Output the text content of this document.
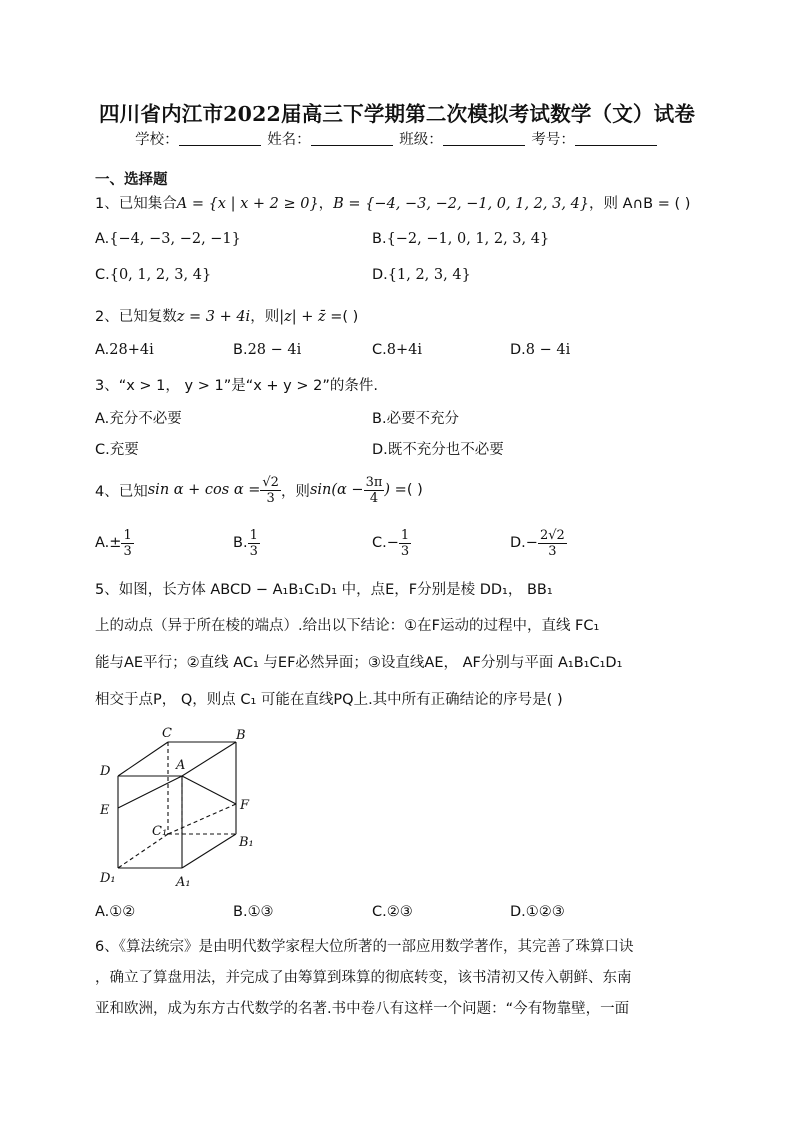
四川省内江市2022届高三下学期第二次模拟考试数学（文）试卷
学校：	姓名：	班级：	考号：
一、选择题
1、已知集合A = {x | x + 2 ≥ 0}，B = {−4, −3, −2, −1, 0, 1, 2, 3, 4}，则 A∩B = ( )
A.{−4, −3, −2, −1}	B.{−2, −1, 0, 1, 2, 3, 4}
C.{0, 1, 2, 3, 4}	D.{1, 2, 3, 4}
2、已知复数z = 3 + 4i，则|z| + z̄ =( )
A.28+4i	B.28 − 4i	C.8+4i	D.8 − 4i
3、“x > 1， y > 1”是“x + y > 2”的条件.
A.充分不必要	B.必要不充分
C.充要	D.既不充分也不必要
4、已知 $\sin \alpha + \cos \alpha = \frac{√2}{3}$ ，则 $\sin(\alpha - \frac{3\pi}{4}$ ) = ( )
A. ± $\frac{1}{3}$	B. $\frac{1}{3}$	C. − $\frac{1}{3}$	D. − $\frac{2√2}{3}$
5、如图，长方体 ABCD − A₁B₁C₁D₁ 中，点E，F分别是棱 DD₁， BB₁
上的动点（异于所在棱的端点）.给出以下结论：①在F运动的过程中，直线 FC₁
能与AE平行；②直线 AC₁ 与EF必然异面；③设直线AE， AF分别与平面 A₁B₁C₁D₁
相交于点P， Q，则点 C₁ 可能在直线PQ上.其中所有正确结论的序号是( )
C	B
D	A
E	F
C₁
B₁
D₁	A₁
A.①②	B.①③	C.②③	D.①②③
6、《算法统宗》是由明代数学家程大位所著的一部应用数学著作，其完善了珠算口诀
，确立了算盘用法，并完成了由筹算到珠算的彻底转变，该书清初又传入朝鲜、东南
亚和欧洲，成为东方古代数学的名著.书中卷八有这样一个问题：“今有物靠壁，一面
